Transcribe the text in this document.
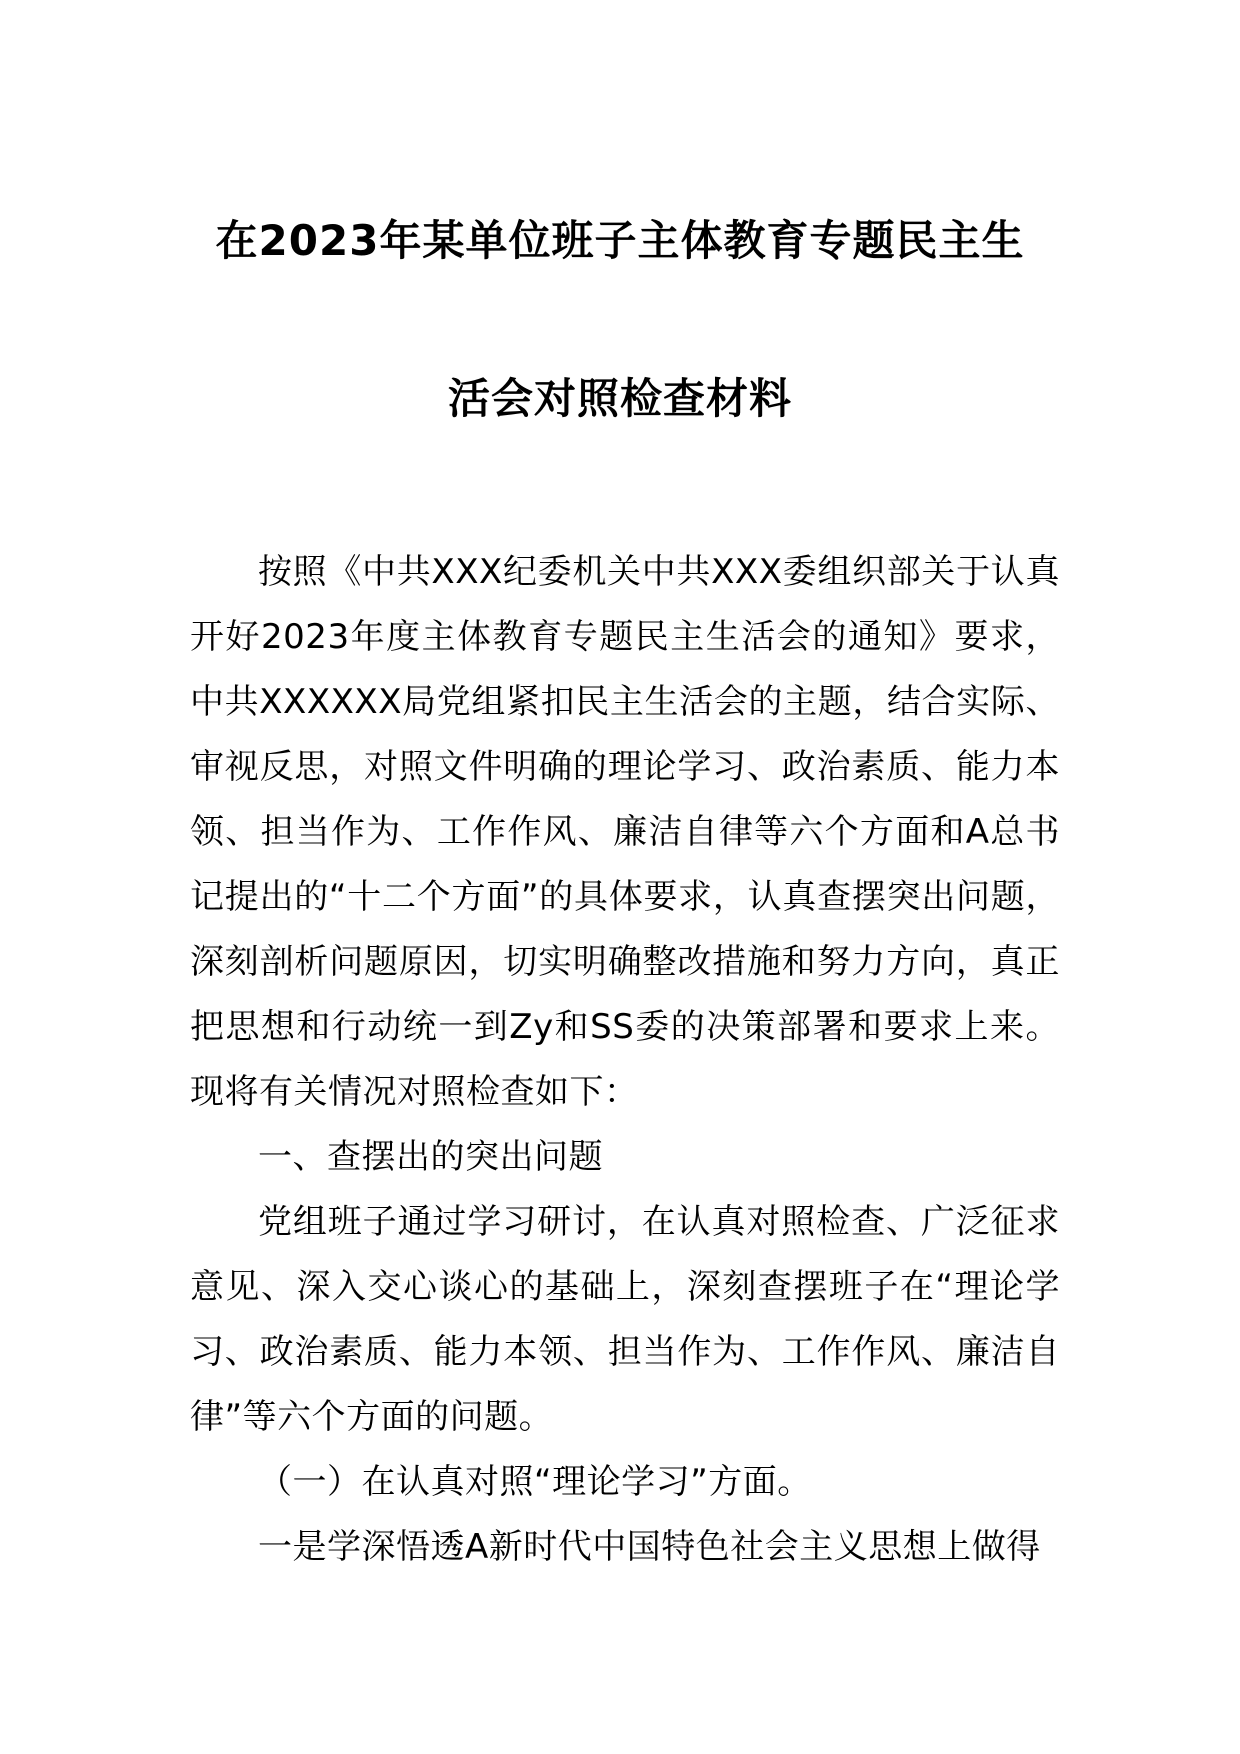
在2023年某单位班子主体教育专题民主生
活会对照检查材料

按照《中共XXX纪委机关中共XXX委组织部关于认真开好2023年度主体教育专题民主生活会的通知》要求，中共XXXXXX局党组紧扣民主生活会的主题，结合实际、审视反思，对照文件明确的理论学习、政治素质、能力本领、担当作为、工作作风、廉洁自律等六个方面和A总书记提出的“十二个方面”的具体要求，认真查摆突出问题，深刻剖析问题原因，切实明确整改措施和努力方向，真正把思想和行动统一到Zy和SS委的决策部署和要求上来。现将有关情况对照检查如下：

一、查摆出的突出问题

党组班子通过学习研讨，在认真对照检查、广泛征求意见、深入交心谈心的基础上，深刻查摆班子在“理论学习、政治素质、能力本领、担当作为、工作作风、廉洁自律”等六个方面的问题。

（一）在认真对照“理论学习”方面。

一是学深悟透A新时代中国特色社会主义思想上做得
